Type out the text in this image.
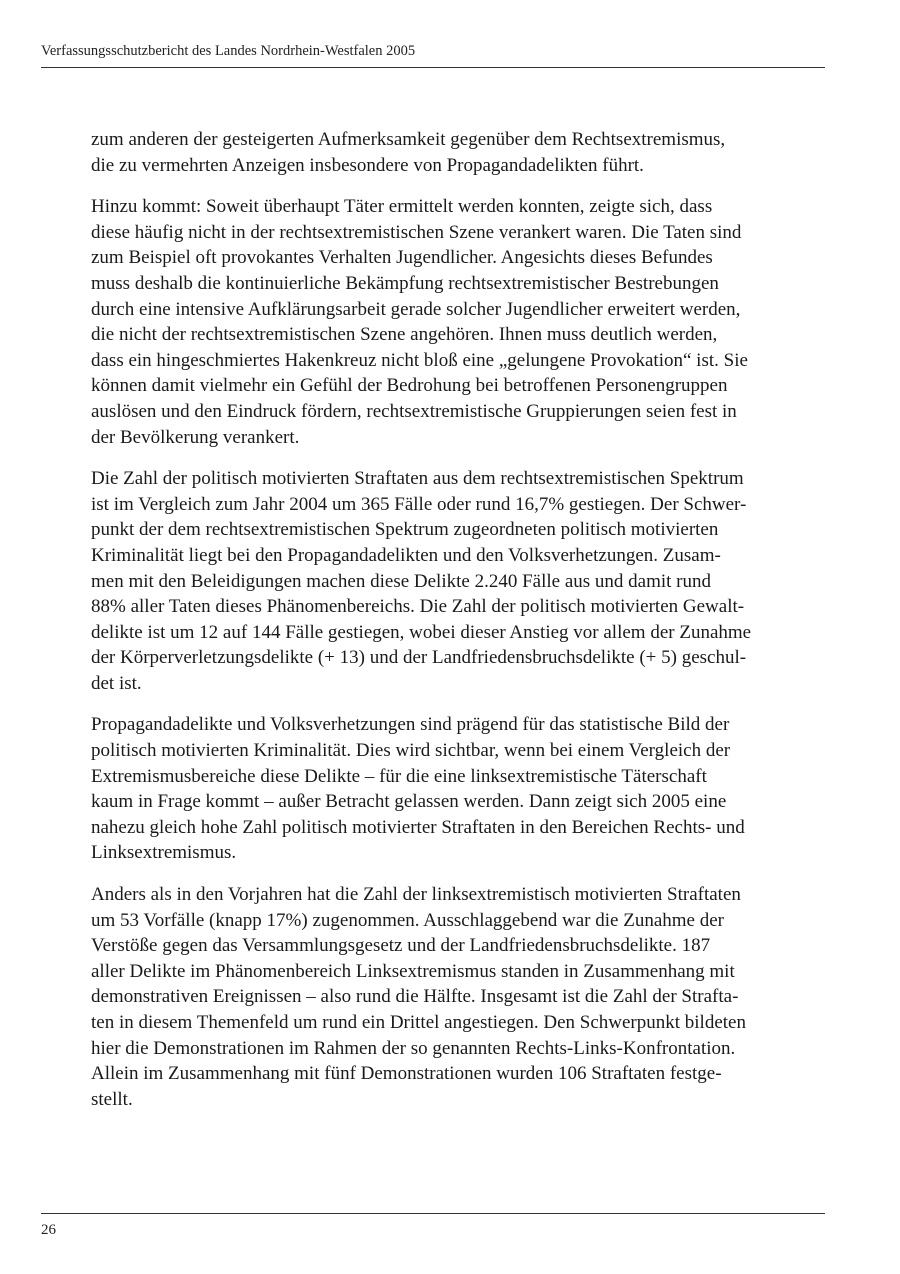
Verfassungsschutzbericht des Landes Nordrhein-Westfalen 2005

zum anderen der gesteigerten Aufmerksamkeit gegenüber dem Rechtsextremismus,
die zu vermehrten Anzeigen insbesondere von Propagandadelikten führt.

Hinzu kommt: Soweit überhaupt Täter ermittelt werden konnten, zeigte sich, dass
diese häufig nicht in der rechtsextremistischen Szene verankert waren. Die Taten sind
zum Beispiel oft provokantes Verhalten Jugendlicher. Angesichts dieses Befundes
muss deshalb die kontinuierliche Bekämpfung rechtsextremistischer Bestrebungen
durch eine intensive Aufklärungsarbeit gerade solcher Jugendlicher erweitert werden,
die nicht der rechtsextremistischen Szene angehören. Ihnen muss deutlich werden,
dass ein hingeschmiertes Hakenkreuz nicht bloß eine „gelungene Provokation“ ist. Sie
können damit vielmehr ein Gefühl der Bedrohung bei betroffenen Personengruppen
auslösen und den Eindruck fördern, rechtsextremistische Gruppierungen seien fest in
der Bevölkerung verankert.

Die Zahl der politisch motivierten Straftaten aus dem rechtsextremistischen Spektrum
ist im Vergleich zum Jahr 2004 um 365 Fälle oder rund 16,7% gestiegen. Der Schwer-
punkt der dem rechtsextremistischen Spektrum zugeordneten politisch motivierten
Kriminalität liegt bei den Propagandadelikten und den Volksverhetzungen. Zusam-
men mit den Beleidigungen machen diese Delikte 2.240 Fälle aus und damit rund
88% aller Taten dieses Phänomenbereichs. Die Zahl der politisch motivierten Gewalt-
delikte ist um 12 auf 144 Fälle gestiegen, wobei dieser Anstieg vor allem der Zunahme
der Körperverletzungsdelikte (+ 13) und der Landfriedensbruchsdelikte (+ 5) geschul-
det ist.

Propagandadelikte und Volksverhetzungen sind prägend für das statistische Bild der
politisch motivierten Kriminalität. Dies wird sichtbar, wenn bei einem Vergleich der
Extremismusbereiche diese Delikte – für die eine linksextremistische Täterschaft
kaum in Frage kommt – außer Betracht gelassen werden. Dann zeigt sich 2005 eine
nahezu gleich hohe Zahl politisch motivierter Straftaten in den Bereichen Rechts- und
Linksextremismus.

Anders als in den Vorjahren hat die Zahl der linksextremistisch motivierten Straftaten
um 53 Vorfälle (knapp 17%) zugenommen. Ausschlaggebend war die Zunahme der
Verstöße gegen das Versammlungsgesetz und der Landfriedensbruchsdelikte. 187
aller Delikte im Phänomenbereich Linksextremismus standen in Zusammenhang mit
demonstrativen Ereignissen – also rund die Hälfte. Insgesamt ist die Zahl der Strafta-
ten in diesem Themenfeld um rund ein Drittel angestiegen. Den Schwerpunkt bildeten
hier die Demonstrationen im Rahmen der so genannten Rechts-Links-Konfrontation.
Allein im Zusammenhang mit fünf Demonstrationen wurden 106 Straftaten festge-
stellt.

26
